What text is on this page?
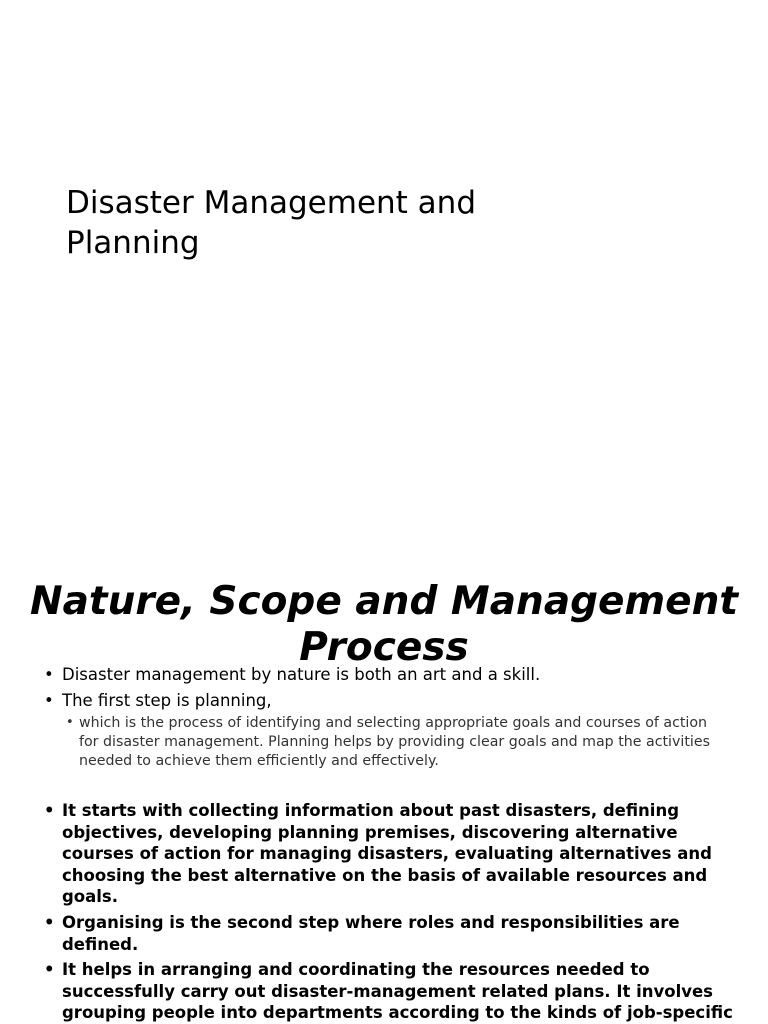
Disaster Management and Planning
Nature, Scope and Management Process
• Disaster management by nature is both an art and a skill.
• The first step is planning,
• which is the process of identifying and selecting appropriate goals and courses of action for disaster management. Planning helps by providing clear goals and map the activities needed to achieve them efficiently and effectively.
• It starts with collecting information about past disasters, defining objectives, developing planning premises, discovering alternative courses of action for managing disasters, evaluating alternatives and choosing the best alternative on the basis of available resources and goals.
• Organising is the second step where roles and responsibilities are defined.
• It helps in arranging and coordinating the resources needed to successfully carry out disaster-management related plans. It involves grouping people into departments according to the kinds of job-specific
